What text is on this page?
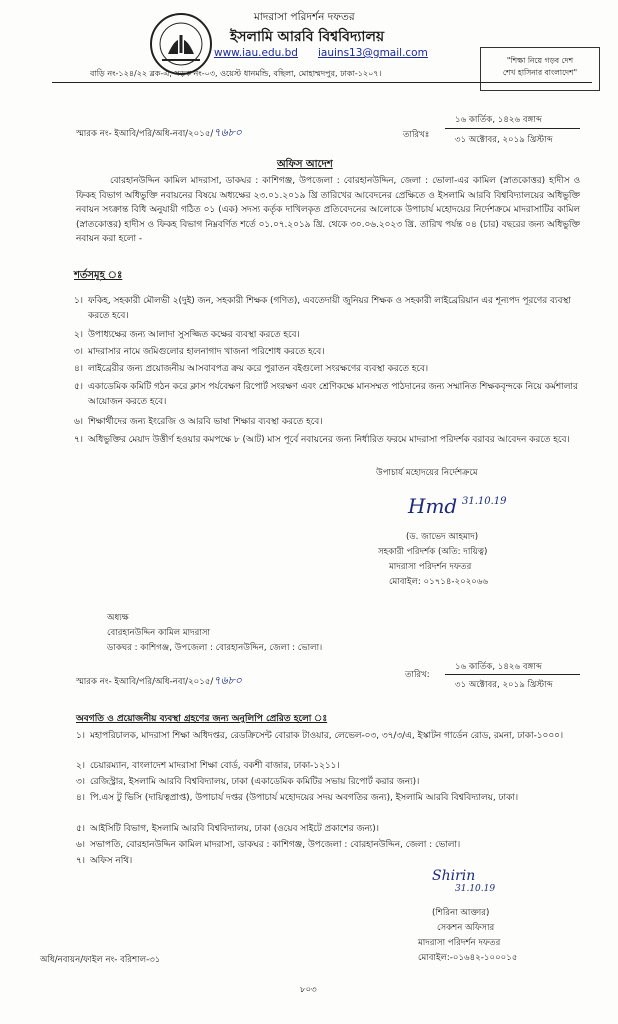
মাদরাসা পরিদর্শন দফতর
ইসলামি আরবি বিশ্ববিদ্যালয়
www.iau.edu.bd iauins13@gmail.com
বাড়ি নং-১২৪/২২ ব্লক-এ, সড়ক নং-০৩, ওয়েস্ট ধানমন্ডি, বছিলা, মোহাম্মদপুর, ঢাকা-১২০৭।
"শিক্ষা নিয়ে গড়ব দেশ
শেখ হাসিনার বাংলাদেশ"
স্মারক নং- ইআবি/পরি/অধি-নবা/২০১৫/৭৬৮০	তারিখঃ
১৬ কার্তিক, ১৪২৬ বঙ্গাব্দ
৩১ অক্টোবর, ২০১৯ খ্রিস্টাব্দ
অফিস আদেশ
বোরহানউদ্দিন কামিল মাদরাসা, ডাকঘর : কাশিগঞ্জ, উপজেলা : বোরহানউদ্দিন, জেলা : ভোলা-এর কামিল (স্নাতকোত্তর) হাদীস ও ফিকহ বিভাগ অধিভুক্তি নবায়নের বিষয়ে অধ্যক্ষের ২৩.০১.২০১৯ খ্রি তারিখের আবেদনের প্রেক্ষিতে ও ইসলামি আরবি বিশ্ববিদ্যালয়ের অধিভুক্তি নবায়ন সংক্রান্ত বিধি অনুযায়ী গঠিত ০১ (এক) সদস্য কর্তৃক দাখিলকৃত প্রতিবেদনের আলোকে উপাচার্য মহোদয়ের নির্দেশক্রমে মাদরাসাটির কামিল (স্নাতকোত্তর) হাদীস ও ফিকহ বিভাগ নিম্নবর্ণিত শর্তে ০১.০৭.২০১৯ খ্রি. থেকে ৩০.০৬.২০২৩ খ্রি. তারিখ পর্যন্ত ০৪ (চার) বছরের জন্য অধিভুক্তি নবায়ন করা হলো -
শর্তসমূহ ঃ
১। ফকিহ, সহকারী মৌলভী ২(দুই) জন, সহকারী শিক্ষক (গণিত), এবতেদায়ী জুনিয়র শিক্ষক ও সহকারী লাইব্রেরিয়ান এর শূন্যপদ পূরণের ব্যবস্থা করতে হবে।
২। উপাধ্যক্ষের জন্য আলাদা সুসজ্জিত কক্ষের ব্যবস্থা করতে হবে।
৩। মাদরাসার নামে জমিগুলোর হালনাগাদ খাজনা পরিশোধ করতে হবে।
৪। লাইব্রেরীর জন্য প্রয়োজনীয় আসবাবপত্র ক্রয় করে পুরাতন বইগুলো সংরক্ষণের ব্যবস্থা করতে হবে।
৫। একাডেমিক কমিটি গঠন করে ক্লাস পর্যবেক্ষণ রিপোর্ট সংরক্ষণ এবং শ্রেণিকক্ষে মানসম্মত পাঠদানের জন্য সম্মানিত শিক্ষকবৃন্দকে নিয়ে কর্মশালার আয়োজন করতে হবে।
৬। শিক্ষার্থীদের জন্য ইংরেজি ও আরবি ভাষা শিক্ষার ব্যবস্থা করতে হবে।
৭। অধিভুক্তির মেয়াদ উত্তীর্ণ হওয়ার কমপক্ষে ৮ (আট) মাস পূর্বে নবায়নের জন্য নির্ধারিত ফরমে মাদরাসা পরিদর্শক বরাবর আবেদন করতে হবে।
উপাচার্য মহোদয়ের নির্দেশক্রমে
Hmd 31.10.19
(ড. জাভেদ আহমাদ)
সহকারী পরিদর্শক (অতি: দায়িত্ব)
মাদরাসা পরিদর্শন দফতর
মোবাইল: ০১৭১৪-২০২০৬৬
অধ্যক্ষ
বোরহানউদ্দিন কামিল মাদরাসা
ডাকঘর : কাশিগঞ্জ, উপজেলা : বোরহানউদ্দিন, জেলা : ভোলা।
স্মারক নং- ইআবি/পরি/অধি-নবা/২০১৫/৭৬৮০	তারিখ:
১৬ কার্তিক, ১৪২৬ বঙ্গাব্দ
৩১ অক্টোবর, ২০১৯ খ্রিস্টাব্দ
অবগতি ও প্রয়োজনীয় ব্যবস্থা গ্রহণের জন্য অনুলিপি প্রেরিত হলো ঃ
১। মহাপরিচালক, মাদরাসা শিক্ষা অধিদপ্তর, রেডক্রিসেন্ট বোরাক টাওয়ার, লেভেল-০৩, ৩৭/৩/এ, ইস্কাটন গার্ডেন রোড, রমনা, ঢাকা-১০০০।
২। চেয়ারম্যান, বাংলাদেশ মাদরাসা শিক্ষা বোর্ড, বকশী বাজার, ঢাকা-১২১১।
৩। রেজিস্ট্রার, ইসলামি আরবি বিশ্ববিদ্যালয়, ঢাকা (একাডেমিক কমিটির সভায় রিপোর্ট করার জন্য)।
৪। পি.এস টু ভিসি (দায়িত্বপ্রাপ্ত), উপাচার্য দপ্তর (উপাচার্য মহোদয়ের সদয় অবগতির জন্য), ইসলামি আরবি বিশ্ববিদ্যালয়, ঢাকা।
৫। আইসিটি বিভাগ, ইসলামি আরবি বিশ্ববিদ্যালয়, ঢাকা (ওয়েব সাইটে প্রকাশের জন্য)।
৬। সভাপতি, বোরহানউদ্দিন কামিল মাদরাসা, ডাকঘর : কাশিগঞ্জ, উপজেলা : বোরহানউদ্দিন, জেলা : ভোলা।
৭। অফিস নথি।
Shirin
31.10.19
(শিরিনা আক্তার)
সেকশন অফিসার
মাদরাসা পরিদর্শন দফতর
মোবাইল:-০১৬৪২-১০০০১৫
অধি/নবায়ন/ফাইল নং- বরিশাল-৩১
৮০৩
